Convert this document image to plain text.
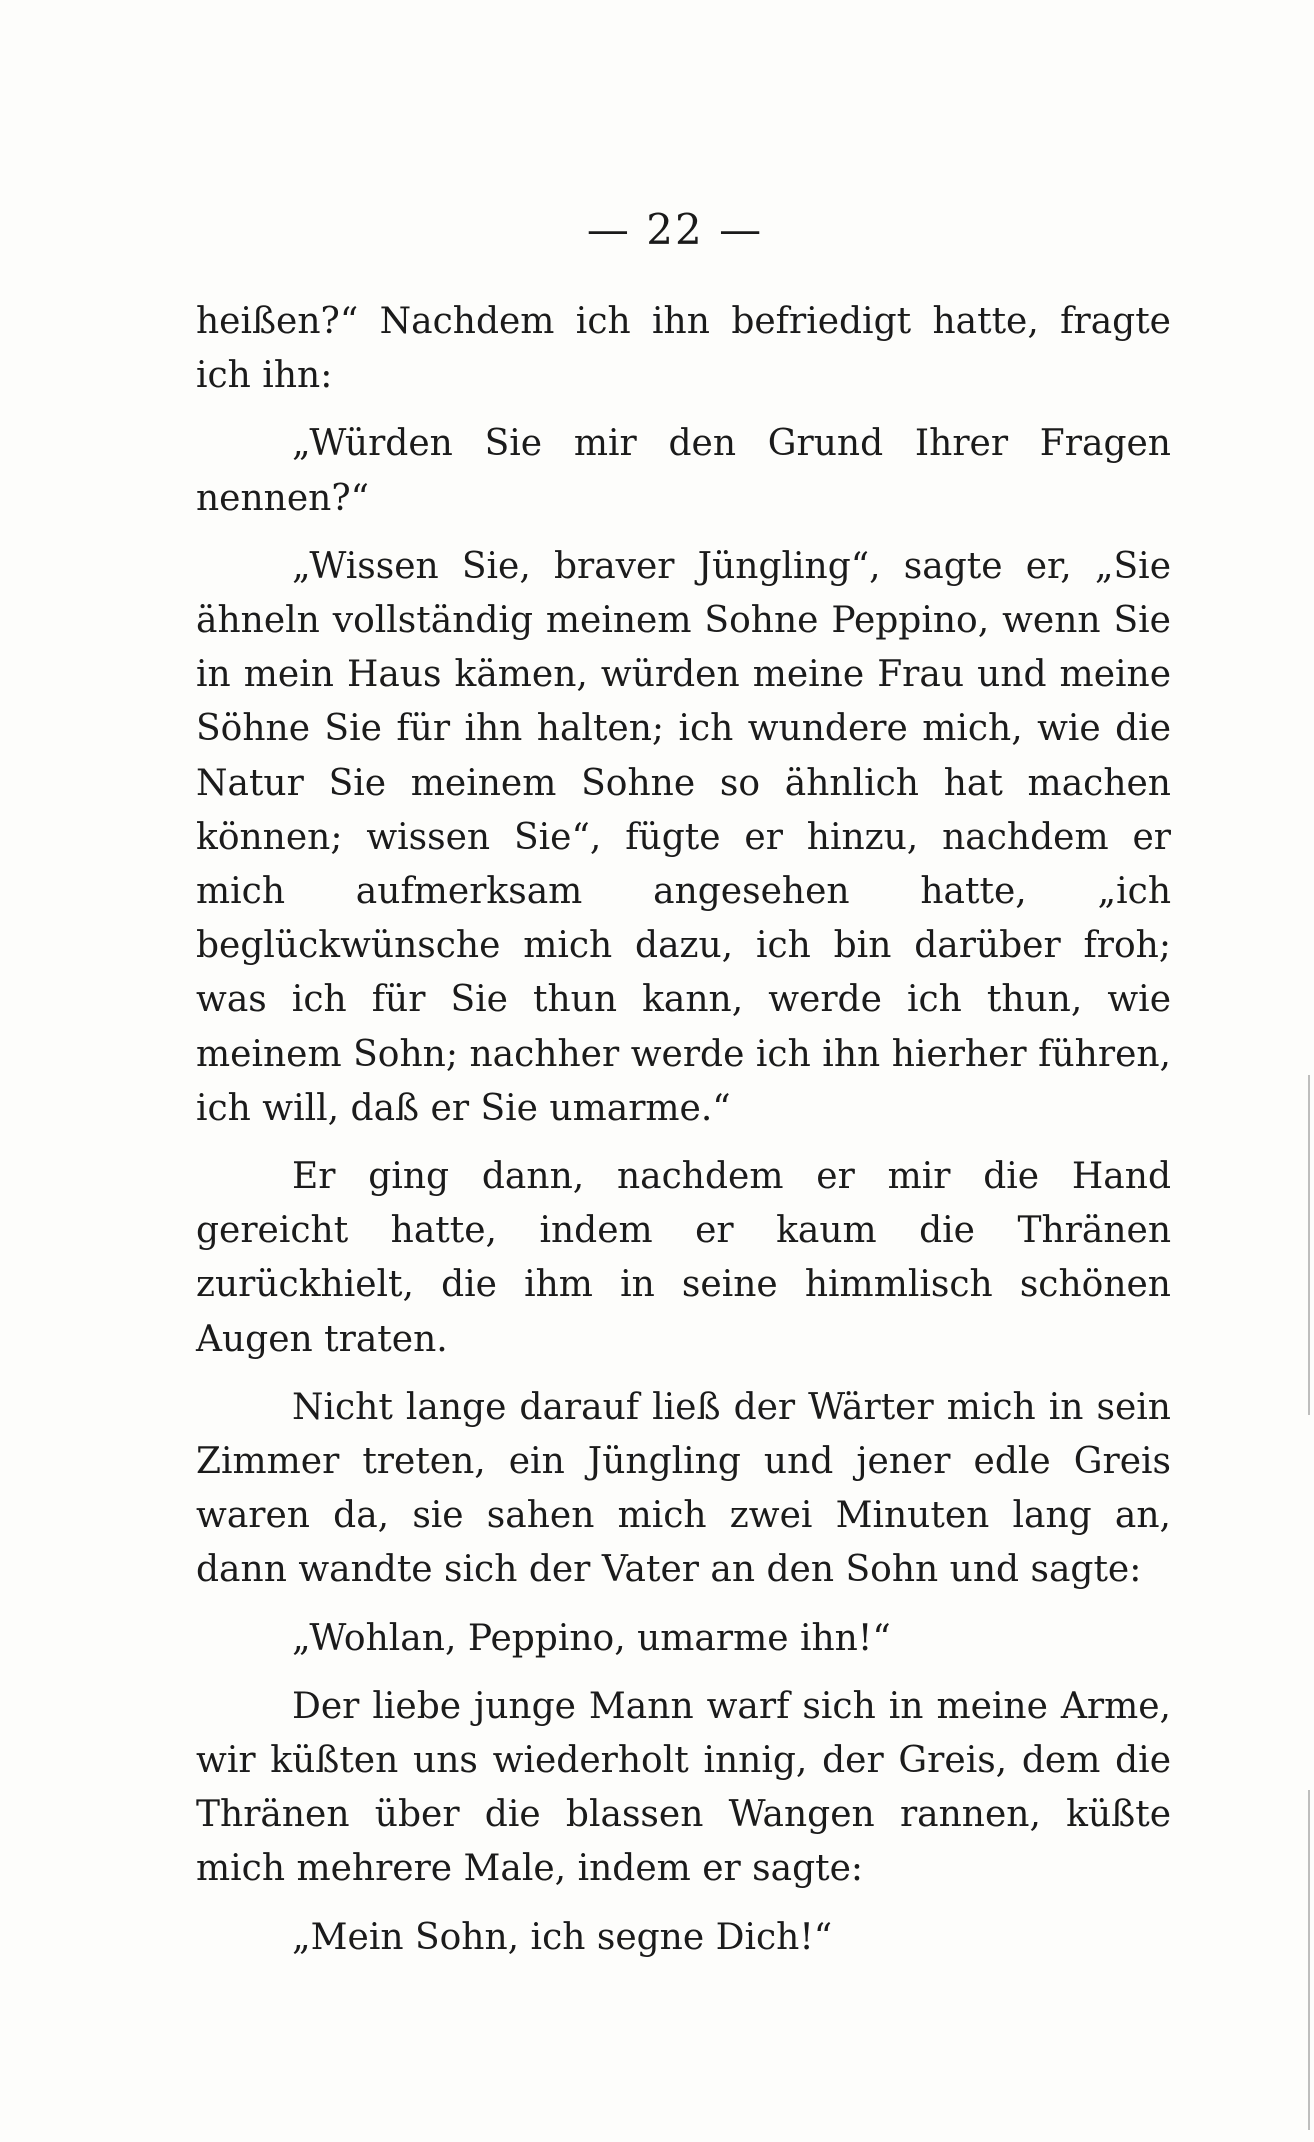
— 22 —

heißen?“ Nachdem ich ihn befriedigt hatte, fragte ich ihn:

„Würden Sie mir den Grund Ihrer Fragen nennen?“

„Wissen Sie, braver Jüngling“, sagte er, „Sie ähneln vollständig meinem Sohne Peppino, wenn Sie in mein Haus kämen, würden meine Frau und meine Söhne Sie für ihn halten; ich wundere mich, wie die Natur Sie meinem Sohne so ähnlich hat machen können; wissen Sie“, fügte er hinzu, nachdem er mich aufmerksam angesehen hatte, „ich beglückwünsche mich dazu, ich bin darüber froh; was ich für Sie thun kann, werde ich thun, wie meinem Sohn; nachher werde ich ihn hierher führen, ich will, daß er Sie umarme.“

Er ging dann, nachdem er mir die Hand gereicht hatte, indem er kaum die Thränen zurückhielt, die ihm in seine himmlisch schönen Augen traten.

Nicht lange darauf ließ der Wärter mich in sein Zimmer treten, ein Jüngling und jener edle Greis waren da, sie sahen mich zwei Minuten lang an, dann wandte sich der Vater an den Sohn und sagte:

„Wohlan, Peppino, umarme ihn!“

Der liebe junge Mann warf sich in meine Arme, wir küßten uns wiederholt innig, der Greis, dem die Thränen über die blassen Wangen rannen, küßte mich mehrere Male, indem er sagte:

„Mein Sohn, ich segne Dich!“
